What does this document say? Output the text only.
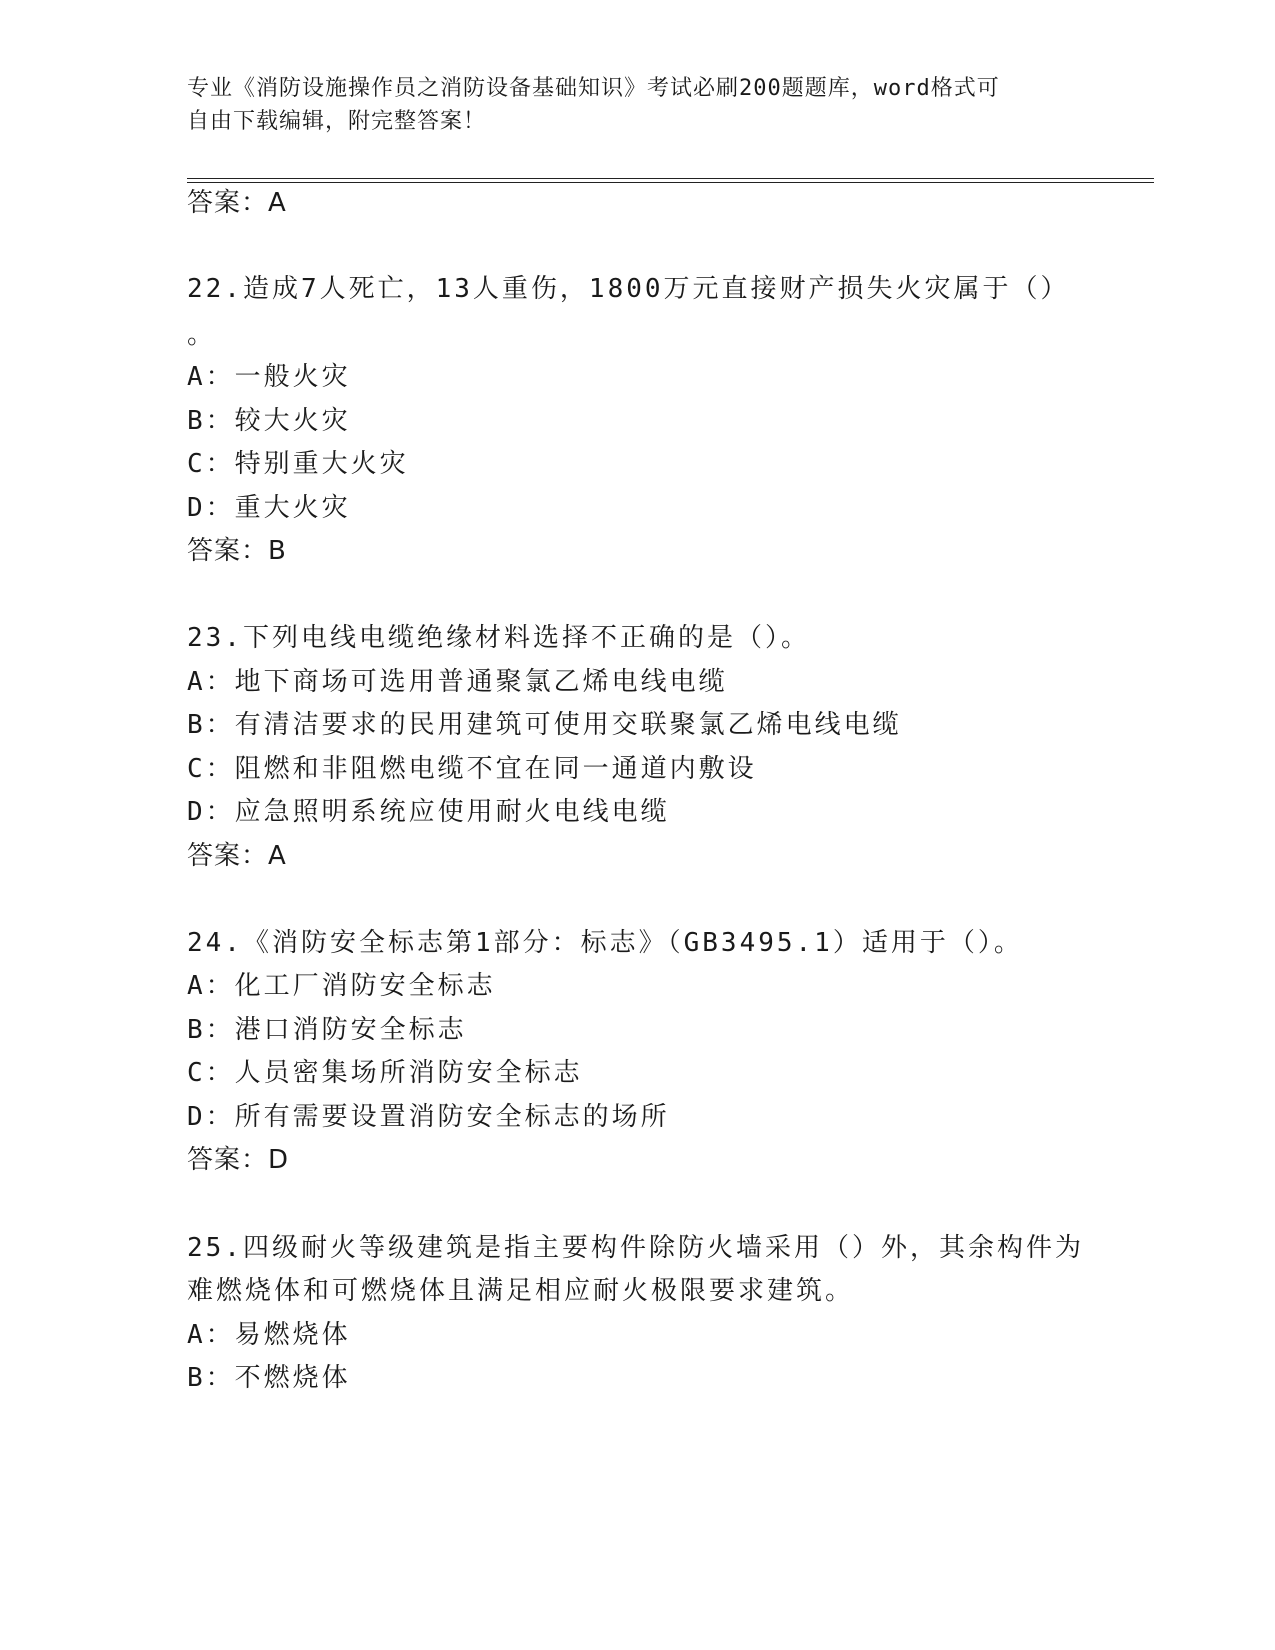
专业《消防设施操作员之消防设备基础知识》考试必刷200题题库，word格式可
自由下载编辑，附完整答案！
答案：A
22.造成7人死亡，13人重伤，1800万元直接财产损失火灾属于（）
。
A：一般火灾
B：较大火灾
C：特别重大火灾
D：重大火灾
答案：B
23.下列电线电缆绝缘材料选择不正确的是（）。
A：地下商场可选用普通聚氯乙烯电线电缆
B：有清洁要求的民用建筑可使用交联聚氯乙烯电线电缆
C：阻燃和非阻燃电缆不宜在同一通道内敷设
D：应急照明系统应使用耐火电线电缆
答案：A
24.《消防安全标志第1部分：标志》（GB3495.1）适用于（）。
A：化工厂消防安全标志
B：港口消防安全标志
C：人员密集场所消防安全标志
D：所有需要设置消防安全标志的场所
答案：D
25.四级耐火等级建筑是指主要构件除防火墙采用（）外，其余构件为
难燃烧体和可燃烧体且满足相应耐火极限要求建筑。
A：易燃烧体
B：不燃烧体
